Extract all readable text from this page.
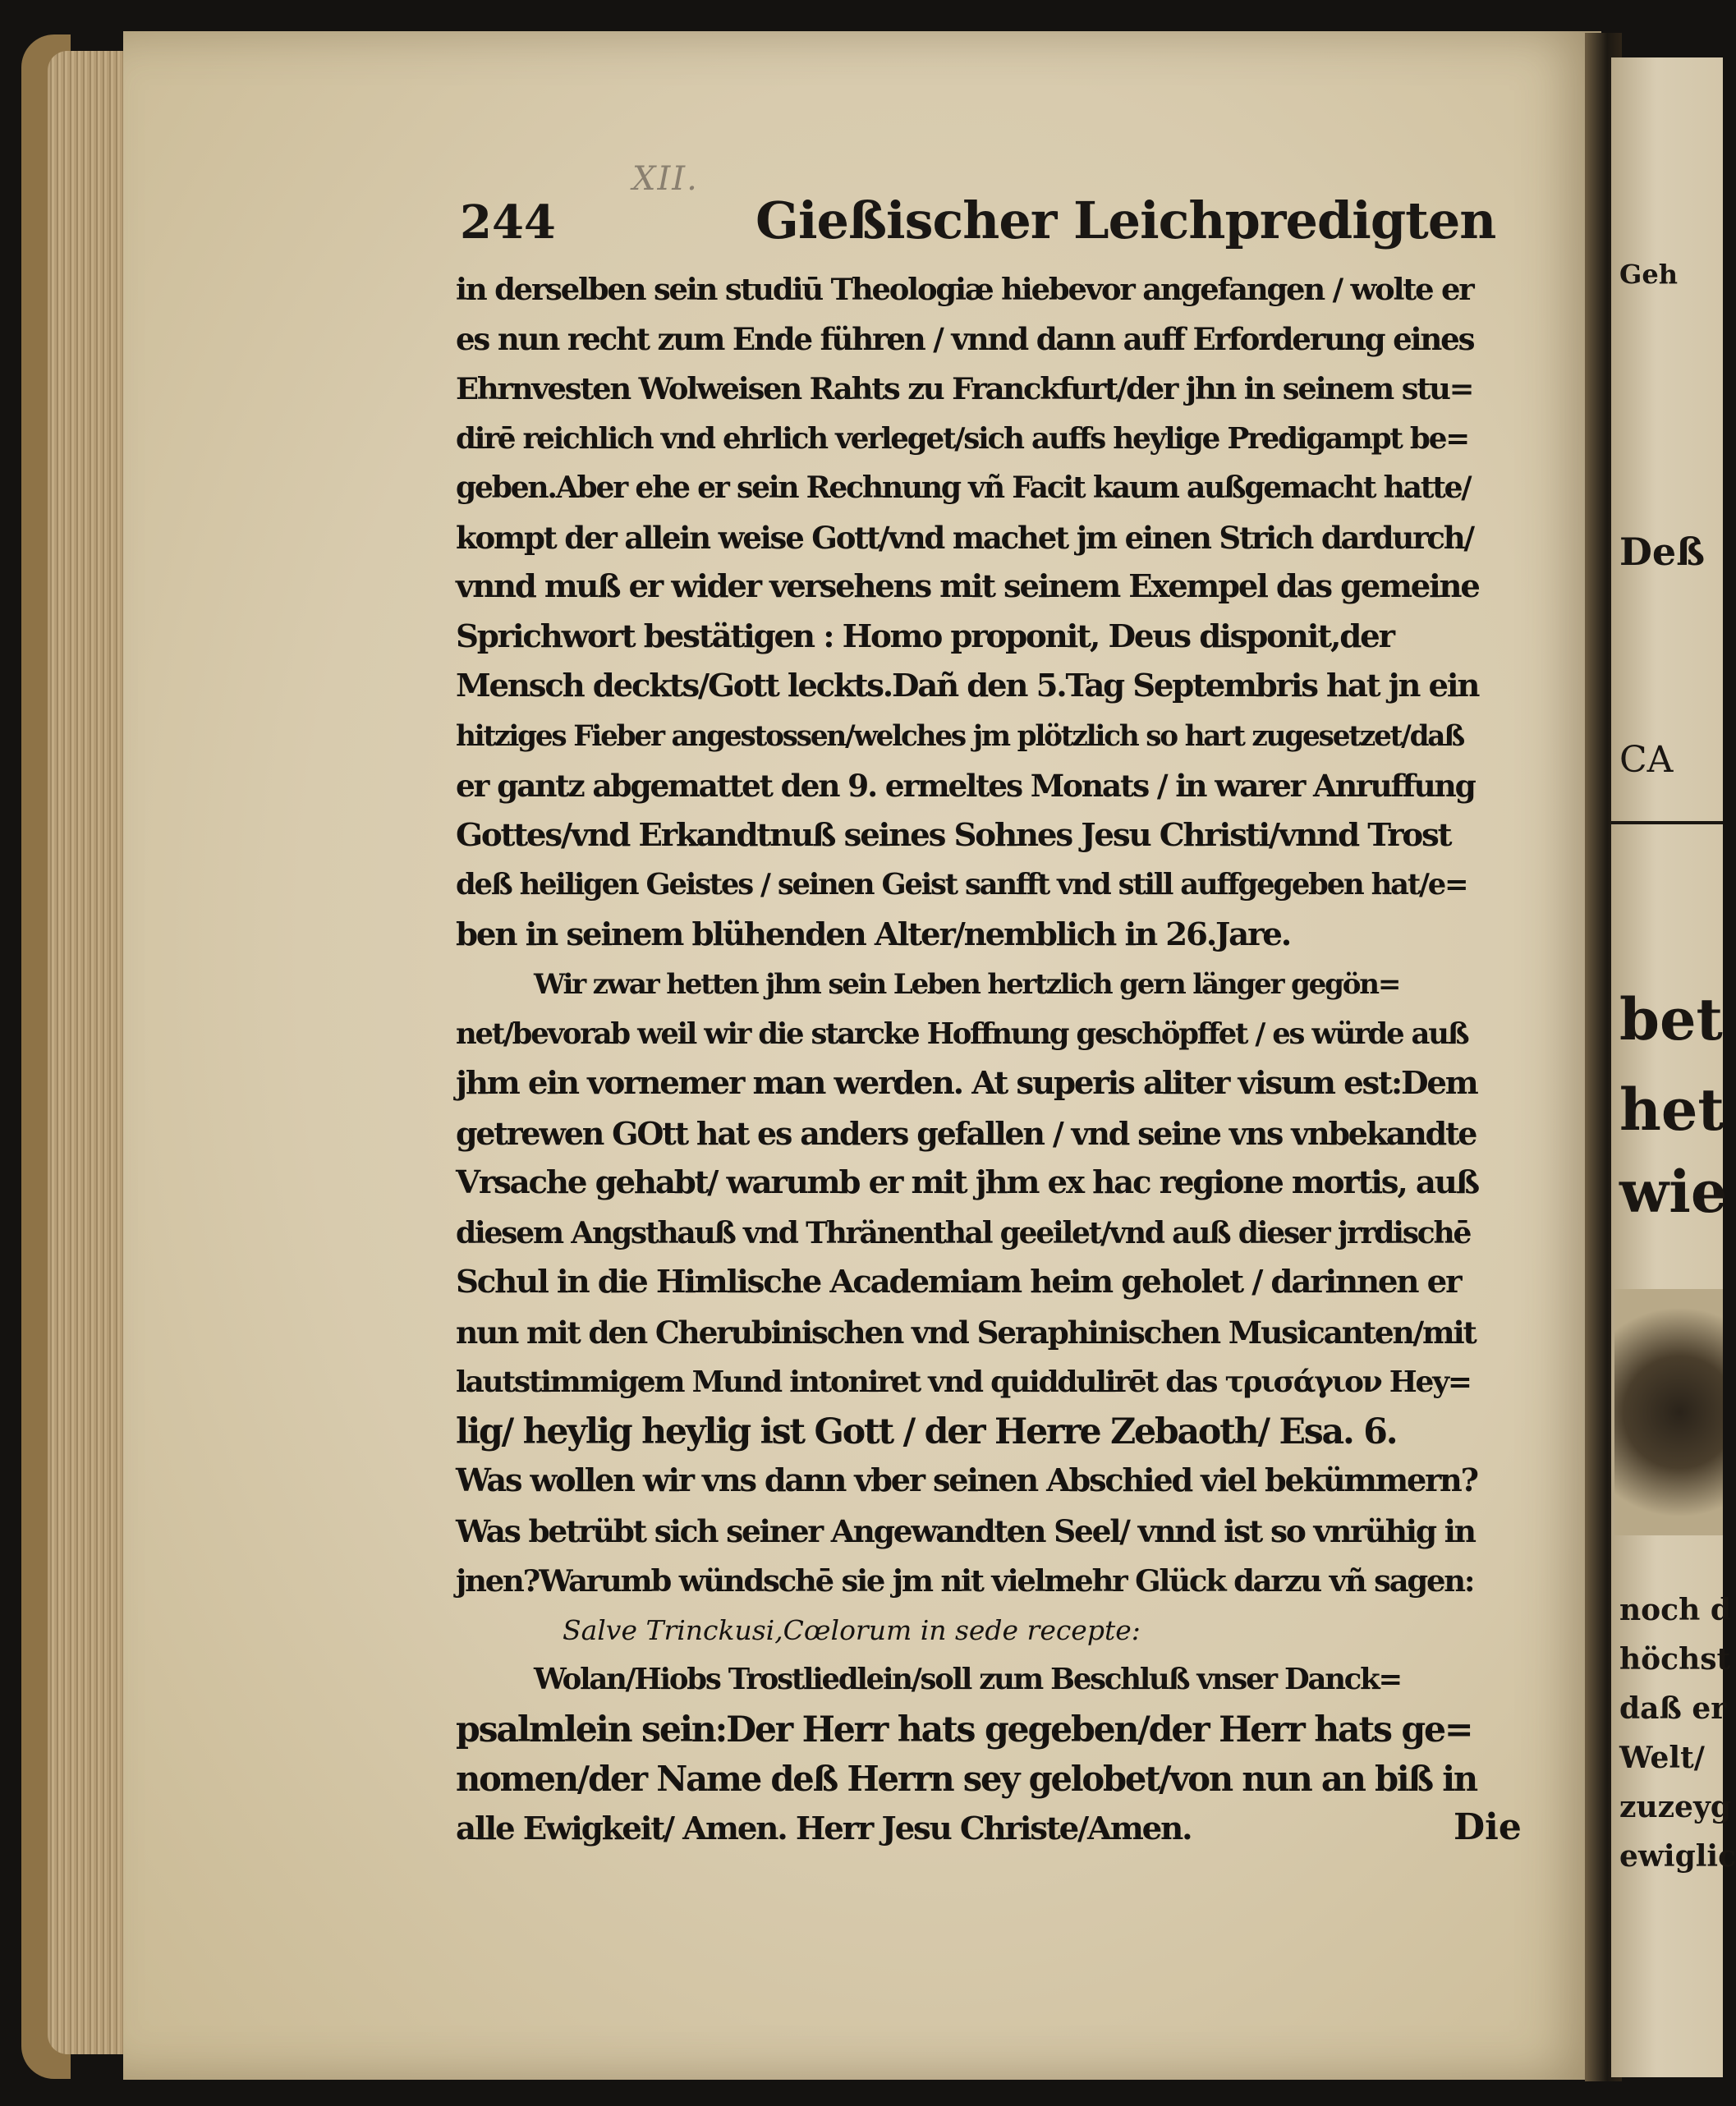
Geh
Deß
CA
bet
het
wie
noch d
höchst
daß er
Welt/
zuzeyg
ewiglic
XII.
244	Gießischer Leichpredigten
in derselben sein studiū Theologiæ hiebevor angefangen / wolte er
es nun recht zum Ende führen / vnnd dann auff Erforderung eines
Ehrnvesten Wolweisen Rahts zu Franckfurt/der jhn in seinem stu=
dirē reichlich vnd ehrlich verleget/sich auffs heylige Predigampt be=
geben.Aber ehe er sein Rechnung vñ Facit kaum außgemacht hatte/
kompt der allein weise Gott/vnd machet jm einen Strich dardurch/
vnnd muß er wider versehens mit seinem Exempel das gemeine
Sprichwort bestätigen : Homo proponit, Deus disponit,der
Mensch deckts/Gott leckts.Dañ den 5.Tag Septembris hat jn ein
hitziges Fieber angestossen/welches jm plötzlich so hart zugesetzet/daß
er gantz abgemattet den 9. ermeltes Monats / in warer Anruffung
Gottes/vnd Erkandtnuß seines Sohnes Jesu Christi/vnnd Trost
deß heiligen Geistes / seinen Geist sanfft vnd still auffgegeben hat/e=
ben in seinem blühenden Alter/nemblich in 26.Jare.
Wir zwar hetten jhm sein Leben hertzlich gern länger gegön=
net/bevorab weil wir die starcke Hoffnung geschöpffet / es würde auß
jhm ein vornemer man werden. At superis aliter visum est:Dem
getrewen GOtt hat es anders gefallen / vnd seine vns vnbekandte
Vrsache gehabt/ warumb er mit jhm ex hac regione mortis, auß
diesem Angsthauß vnd Thränenthal geeilet/vnd auß dieser jrrdischē
Schul in die Himlische Academiam heim geholet / darinnen er
nun mit den Cherubinischen vnd Seraphinischen Musicanten/mit
lautstimmigem Mund intoniret vnd quiddulirēt das τρισάγιον Hey=
lig/ heylig heylig ist Gott / der Herre Zebaoth/ Esa. 6.
Was wollen wir vns dann vber seinen Abschied viel bekümmern?
Was betrübt sich seiner Angewandten Seel/ vnnd ist so vnrühig in
jnen?Warumb wündschē sie jm nit vielmehr Glück darzu vñ sagen:
Salve Trinckusi,Cœlorum in sede recepte:
Wolan/Hiobs Trostliedlein/soll zum Beschluß vnser Danck=
psalmlein sein:Der Herr hats gegeben/der Herr hats ge=
nomen/der Name deß Herrn sey gelobet/von nun an biß in
alle Ewigkeit/ Amen. Herr Jesu Christe/Amen.	Die
